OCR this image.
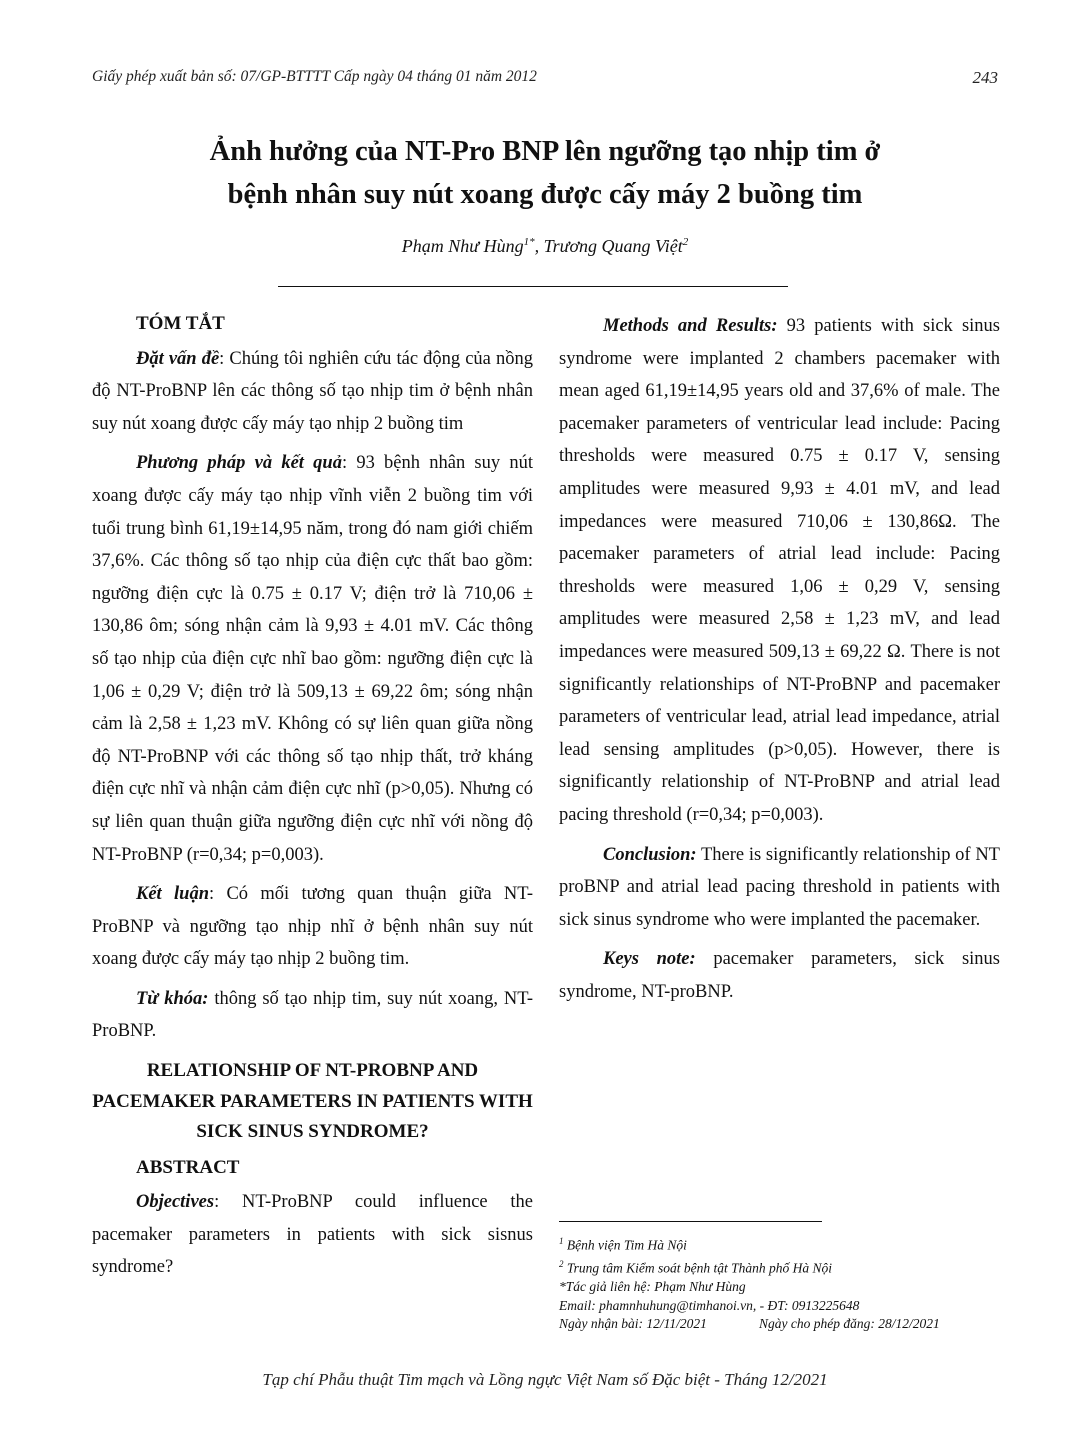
Giấy phép xuất bản số: 07/GP-BTTTT Cấp ngày 04 tháng 01 năm 2012	243
Ảnh hưởng của NT-Pro BNP lên ngưỡng tạo nhịp tim ở
bệnh nhân suy nút xoang được cấy máy 2 buồng tim
Phạm Như Hùng$^{1*}$, Trương Quang Việt$^2$
TÓM TẮT

Đặt vấn đề: Chúng tôi nghiên cứu tác động của nồng độ NT-ProBNP lên các thông số tạo nhịp tim ở bệnh nhân suy nút xoang được cấy máy tạo nhịp 2 buồng tim

Phương pháp và kết quả: 93 bệnh nhân suy nút xoang được cấy máy tạo nhịp vĩnh viễn 2 buồng tim với tuổi trung bình 61,19±14,95 năm, trong đó nam giới chiếm 37,6%. Các thông số tạo nhịp của điện cực thất bao gồm: ngưỡng điện cực là 0.75 ± 0.17 V; điện trở là 710,06 ± 130,86 ôm; sóng nhận cảm là 9,93 ± 4.01 mV. Các thông số tạo nhịp của điện cực nhĩ bao gồm: ngưỡng điện cực là 1,06 ± 0,29 V; điện trở là 509,13 ± 69,22 ôm; sóng nhận cảm là 2,58 ± 1,23 mV. Không có sự liên quan giữa nồng độ NT-ProBNP với các thông số tạo nhịp thất, trở kháng điện cực nhĩ và nhận cảm điện cực nhĩ (p>0,05). Nhưng có sự liên quan thuận giữa ngưỡng điện cực nhĩ với nồng độ NT-ProBNP (r=0,34; p=0,003).

Kết luận: Có mối tương quan thuận giữa NT-ProBNP và ngưỡng tạo nhịp nhĩ ở bệnh nhân suy nút xoang được cấy máy tạo nhịp 2 buồng tim.

Từ khóa: thông số tạo nhịp tim, suy nút xoang, NT-ProBNP.

RELATIONSHIP OF NT-PROBNP AND PACEMAKER PARAMETERS IN PATIENTS WITH SICK SINUS SYNDROME?
ABSTRACT

Objectives: NT-ProBNP could influence the pacemaker parameters in patients with sick sisnus syndrome?

Methods and Results: 93 patients with sick sinus syndrome were implanted 2 chambers pacemaker with mean aged 61,19±14,95 years old and 37,6% of male. The pacemaker parameters of ventricular lead include: Pacing thresholds were measured 0.75 ± 0.17 V, sensing amplitudes were measured 9,93 ± 4.01 mV, and lead impedances were measured 710,06 ± 130,86Ω. The pacemaker parameters of atrial lead include: Pacing thresholds were measured 1,06 ± 0,29 V, sensing amplitudes were measured 2,58 ± 1,23 mV, and lead impedances were measured 509,13 ± 69,22 Ω. There is not significantly relationships of NT-ProBNP and pacemaker parameters of ventricular lead, atrial lead impedance, atrial lead sensing amplitudes (p>0,05). However, there is significantly relationship of NT-ProBNP and atrial lead pacing threshold (r=0,34; p=0,003).

Conclusion: There is significantly relationship of NT proBNP and atrial lead pacing threshold in patients with sick sinus syndrome who were implanted the pacemaker.

Keys note: pacemaker parameters, sick sinus syndrome, NT-proBNP.

$^1$ Bệnh viện Tim Hà Nội
$^2$ Trung tâm Kiểm soát bệnh tật Thành phố Hà Nội
*Tác giả liên hệ: Phạm Như Hùng
Email: phamnhuhung@timhanoi.vn, - ĐT: 0913225648
Ngày nhận bài: 12/11/2021	Ngày cho phép đăng: 28/12/2021
Tạp chí Phẫu thuật Tim mạch và Lồng ngực Việt Nam số Đặc biệt - Tháng 12/2021
